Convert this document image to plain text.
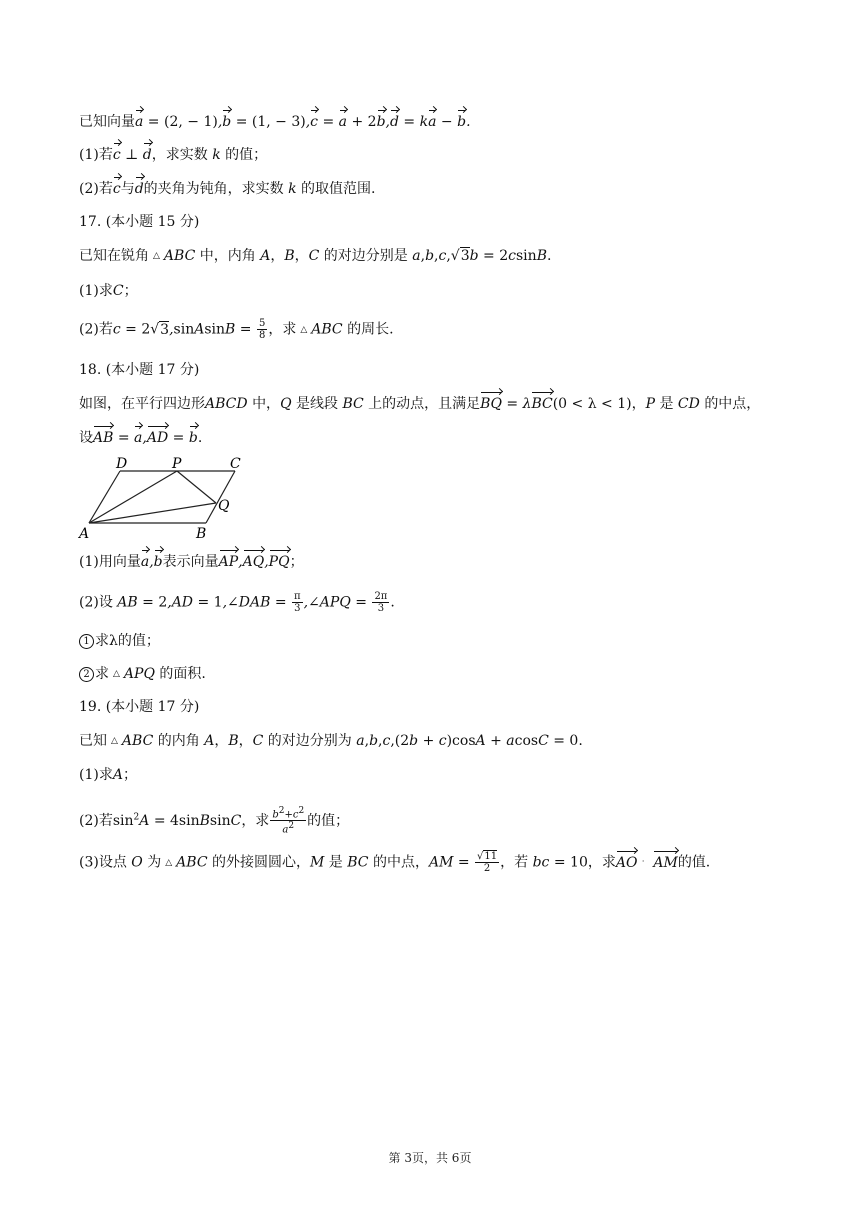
已知向量a = (2, − 1),b = (1, − 3),c = a + 2b,d = ka − b.
(1)若c ⊥ d，求实数 k 的值；
(2)若c与d的夹角为钝角，求实数 k 的取值范围.
17. (本小题 15 分)
已知在锐角 △ ABC 中，内角 A，B，C 的对边分别是 a,b,c,√3b = 2csinB.
(1)求C；
(2)若c = 2√3,sinAsinB = $\frac{5}{8}$ ，求 △ ABC 的周长.
18. (本小题 17 分)
如图，在平行四边形ABCD 中，Q 是线段 BC 上的动点，且满足BQ = λBC(0 < λ < 1)，P 是 CD 的中点，
设AB = a,AD = b.
D	P	C
Q
A	B
(1)用向量a,b表示向量AP,AQ,PQ；
(2)设 AB = 2,AD = 1,∠DAB = $\frac{\pi}{3}$ ,∠APQ = $\frac{2\pi}{3}$ .
1 求λ的值；
2 求 △ APQ 的面积.
19. (本小题 17 分)
已知 △ ABC 的内角 A，B，C 的对边分别为 a,b,c,(2b + c)cosA + acosC = 0.
(1)求A；
(2)若$\sin^2A$ = 4sinBsinC，求 $\frac{b^2+c^2}{a^2}$ 的值；
(3)设点 O 为 △ ABC 的外接圆圆心，M 是 BC 的中点，AM = $\frac{√11}{2}$ ，若 bc = 10，求AO · AM的值.
第 3页，共 6页
